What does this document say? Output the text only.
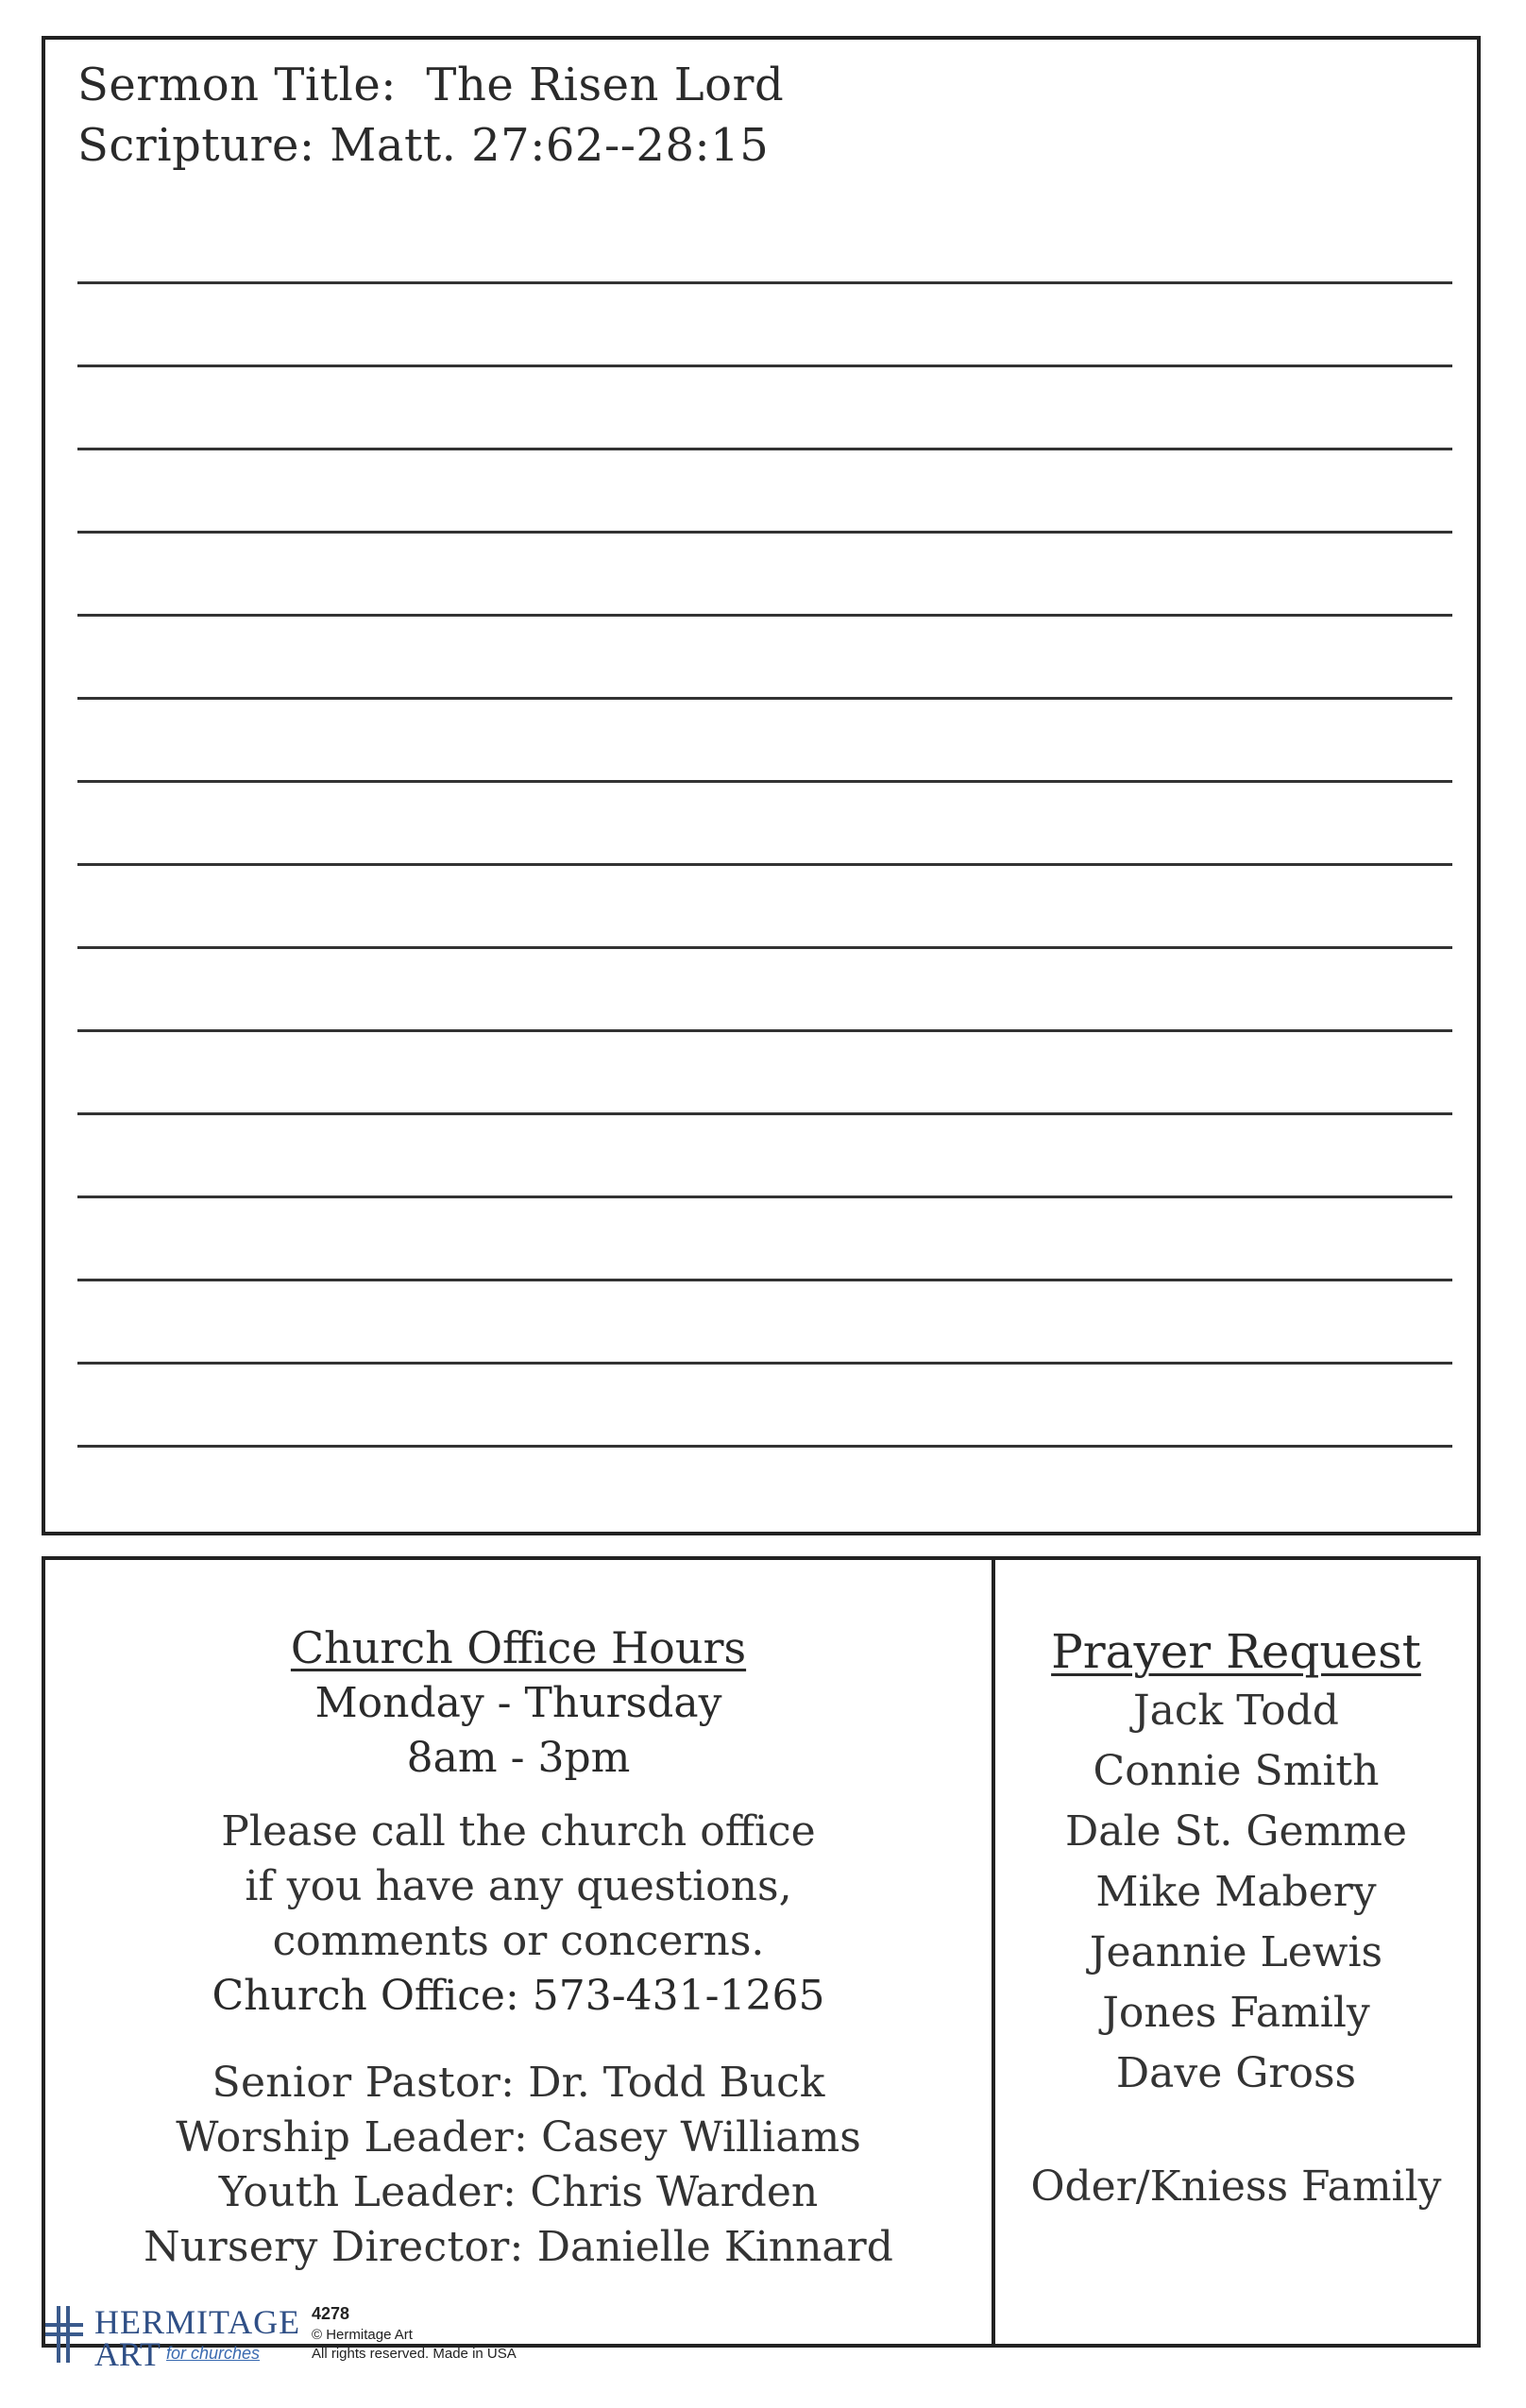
Sermon Title: The Risen Lord
Scripture: Matt. 27:62--28:15
Church Office Hours
Monday - Thursday
8am - 3pm
Please call the church office
if you have any questions,
comments or concerns.
Church Office: 573-431-1265
Senior Pastor: Dr. Todd Buck
Worship Leader: Casey Williams
Youth Leader: Chris Warden
Nursery Director: Danielle Kinnard
Prayer Request
Jack Todd
Connie Smith
Dale St. Gemme
Mike Mabery
Jeannie Lewis
Jones Family
Dave Gross
Oder/Kniess Family
HERMITAGE
ART for churches
4278
© Hermitage Art
All rights reserved. Made in USA
